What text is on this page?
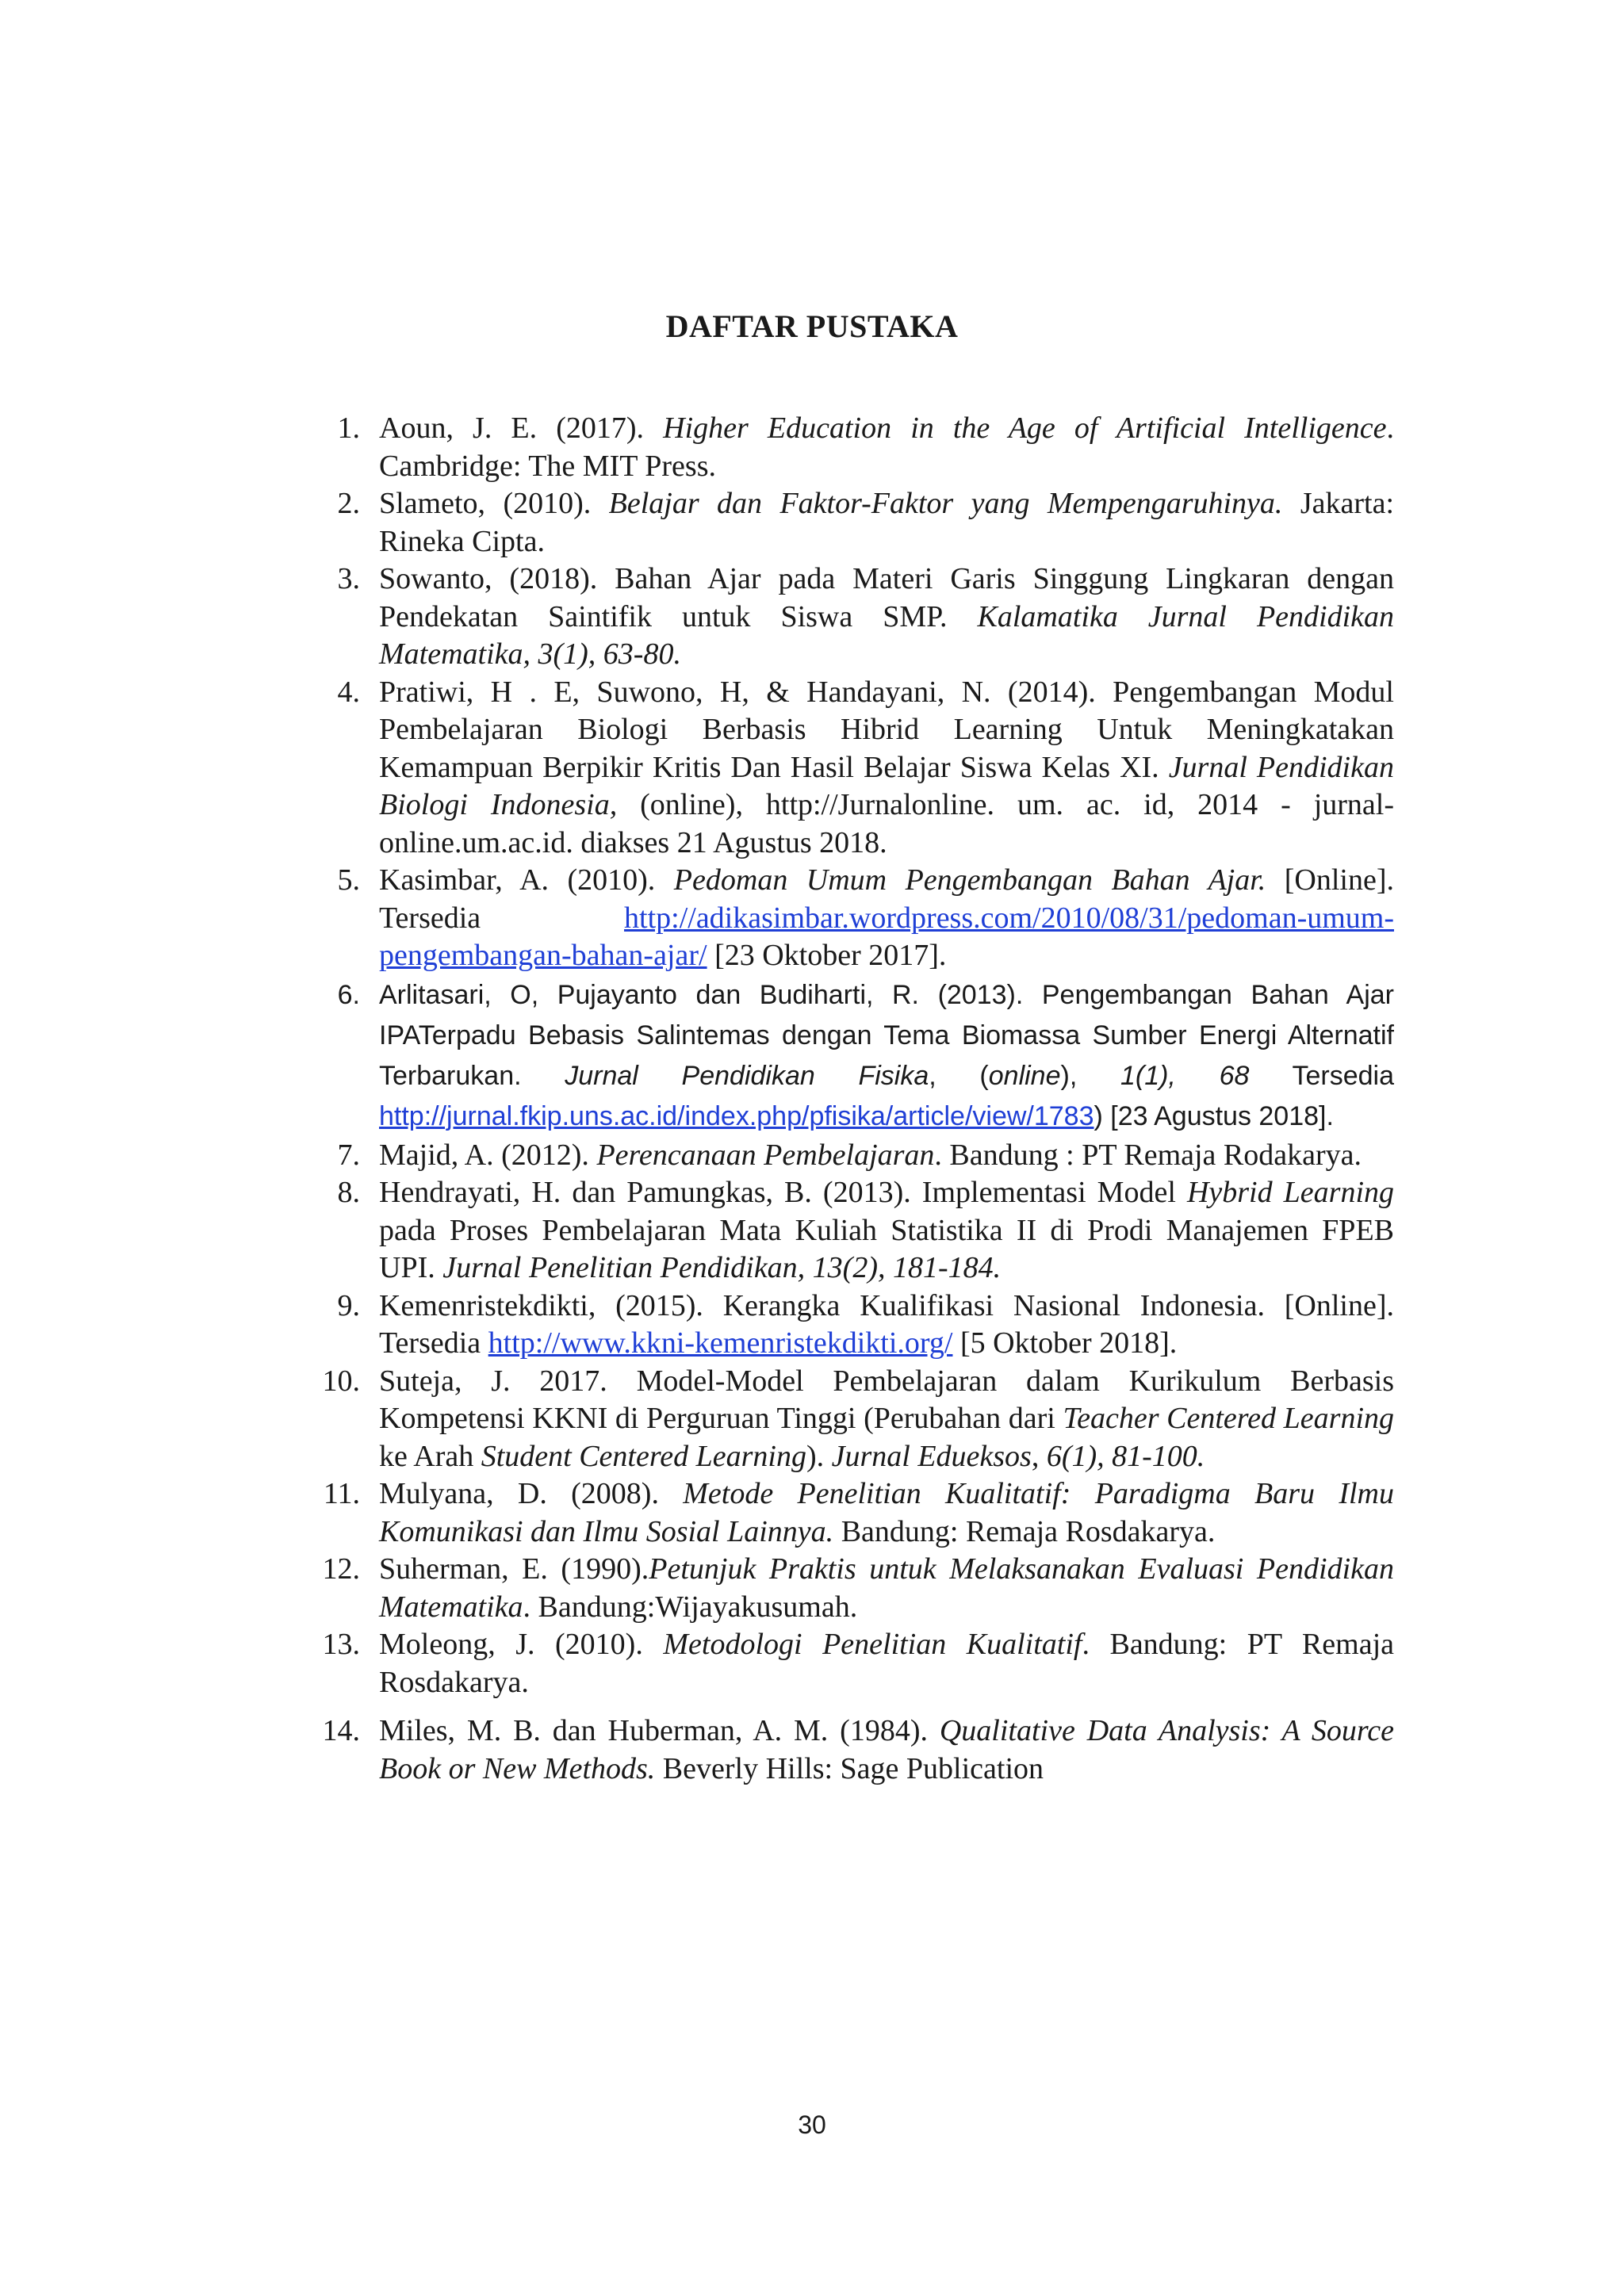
DAFTAR PUSTAKA
1. Aoun, J. E. (2017). Higher Education in the Age of Artificial Intelligence. Cambridge: The MIT Press.
2. Slameto, (2010). Belajar dan Faktor-Faktor yang Mempengaruhinya. Jakarta: Rineka Cipta.
3. Sowanto, (2018). Bahan Ajar pada Materi Garis Singgung Lingkaran dengan Pendekatan Saintifik untuk Siswa SMP. Kalamatika Jurnal Pendidikan Matematika, 3(1), 63-80.
4. Pratiwi, H . E, Suwono, H, & Handayani, N. (2014). Pengembangan Modul Pembelajaran Biologi Berbasis Hibrid Learning Untuk Meningkatakan Kemampuan Berpikir Kritis Dan Hasil Belajar Siswa Kelas XI. Jurnal Pendidikan Biologi Indonesia, (online), http://Jurnalonline. um. ac. id, 2014 - jurnal-online.um.ac.id. diakses 21 Agustus 2018.
5. Kasimbar, A. (2010). Pedoman Umum Pengembangan Bahan Ajar. [Online]. Tersedia http://adikasimbar.wordpress.com/2010/08/31/pedoman-umum-pengembangan-bahan-ajar/ [23 Oktober 2017].
6. Arlitasari, O, Pujayanto dan Budiharti, R. (2013). Pengembangan Bahan Ajar IPATerpadu Bebasis Salintemas dengan Tema Biomassa Sumber Energi Alternatif Terbarukan. Jurnal Pendidikan Fisika, (online), 1(1), 68 Tersedia http://jurnal.fkip.uns.ac.id/index.php/pfisika/article/view/1783) [23 Agustus 2018].
7. Majid, A. (2012). Perencanaan Pembelajaran. Bandung : PT Remaja Rodakarya.
8. Hendrayati, H. dan Pamungkas, B. (2013). Implementasi Model Hybrid Learning pada Proses Pembelajaran Mata Kuliah Statistika II di Prodi Manajemen FPEB UPI. Jurnal Penelitian Pendidikan, 13(2), 181-184.
9. Kemenristekdikti, (2015). Kerangka Kualifikasi Nasional Indonesia. [Online]. Tersedia http://www.kkni-kemenristekdikti.org/ [5 Oktober 2018].
10. Suteja, J. 2017. Model-Model Pembelajaran dalam Kurikulum Berbasis Kompetensi KKNI di Perguruan Tinggi (Perubahan dari Teacher Centered Learning ke Arah Student Centered Learning). Jurnal Edueksos, 6(1), 81-100.
11. Mulyana, D. (2008). Metode Penelitian Kualitatif: Paradigma Baru Ilmu Komunikasi dan Ilmu Sosial Lainnya. Bandung: Remaja Rosdakarya.
12. Suherman, E. (1990).Petunjuk Praktis untuk Melaksanakan Evaluasi Pendidikan Matematika. Bandung:Wijayakusumah.
13. Moleong, J. (2010). Metodologi Penelitian Kualitatif. Bandung: PT Remaja Rosdakarya.
14. Miles, M. B. dan Huberman, A. M. (1984). Qualitative Data Analysis: A Source Book or New Methods. Beverly Hills: Sage Publication
30
